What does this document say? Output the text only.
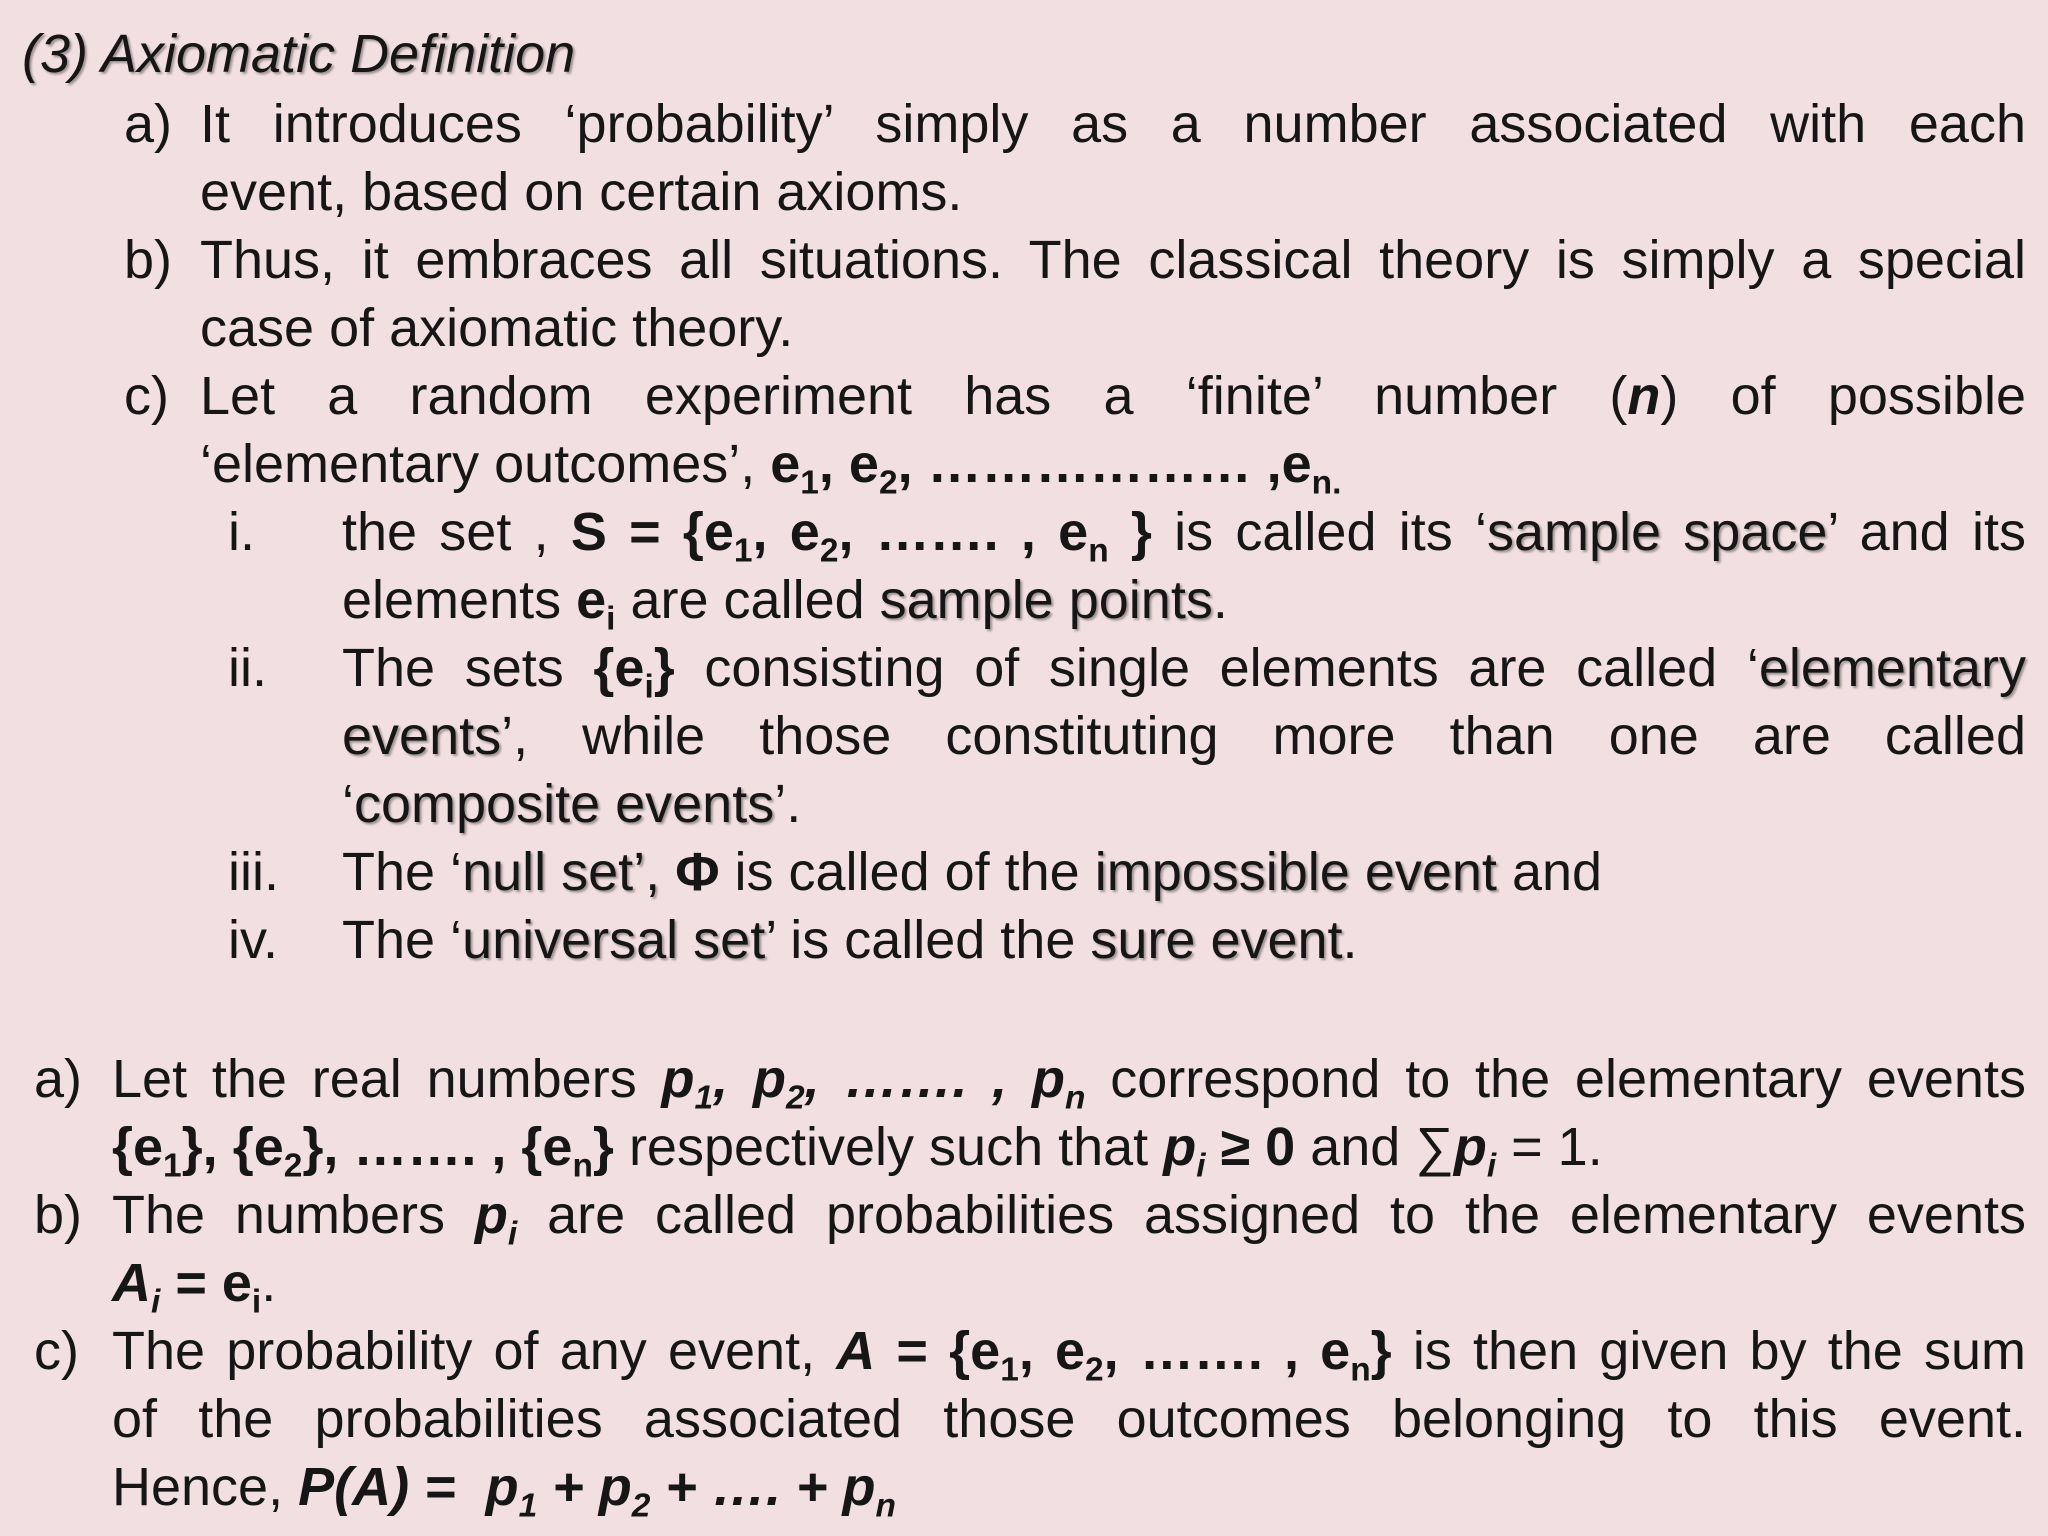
(3) Axiomatic Definition
a) It introduces ‘probability’ simply as a number associated with each
event, based on certain axioms.
b) Thus, it embraces all situations. The classical theory is simply a special
case of axiomatic theory.
c) Let a random experiment has a ‘finite’ number (n) of possible
‘elementary outcomes’, $e_1$, $e_2$, ……………… $,e_{n.}$
i. the set , $S = \{e_1$, $e_2$, ……. , $e_n$ } is called its ‘sample space’ and its
elements $e_i$ are called sample points.
ii. The sets $\{e_i\}$ consisting of single elements are called ‘elementary
events’, while those constituting more than one are called
‘composite events’.
iii. The ‘null set’, Φ is called of the impossible event and
iv. The ‘universal set’ is called the sure event.
a) Let the real numbers $p_1$, $p_2$, ……. , $p_n$ correspond to the elementary events
$\{e_1\}$, $\{e_2\}$, ……. , $\{e_n\}$ respectively such that $p_i \ge 0$ and $\sum p_i = 1$.
b) The numbers $p_i$ are called probabilities assigned to the elementary events
$A_i = e_i$.
c) The probability of any event, $A = \{e_1$, $e_2$, ……. , $e_n$} is then given by the sum
of the probabilities associated those outcomes belonging to this event.
Hence, $P(A) = p_1 + p_2$ + …. + $p_n$
